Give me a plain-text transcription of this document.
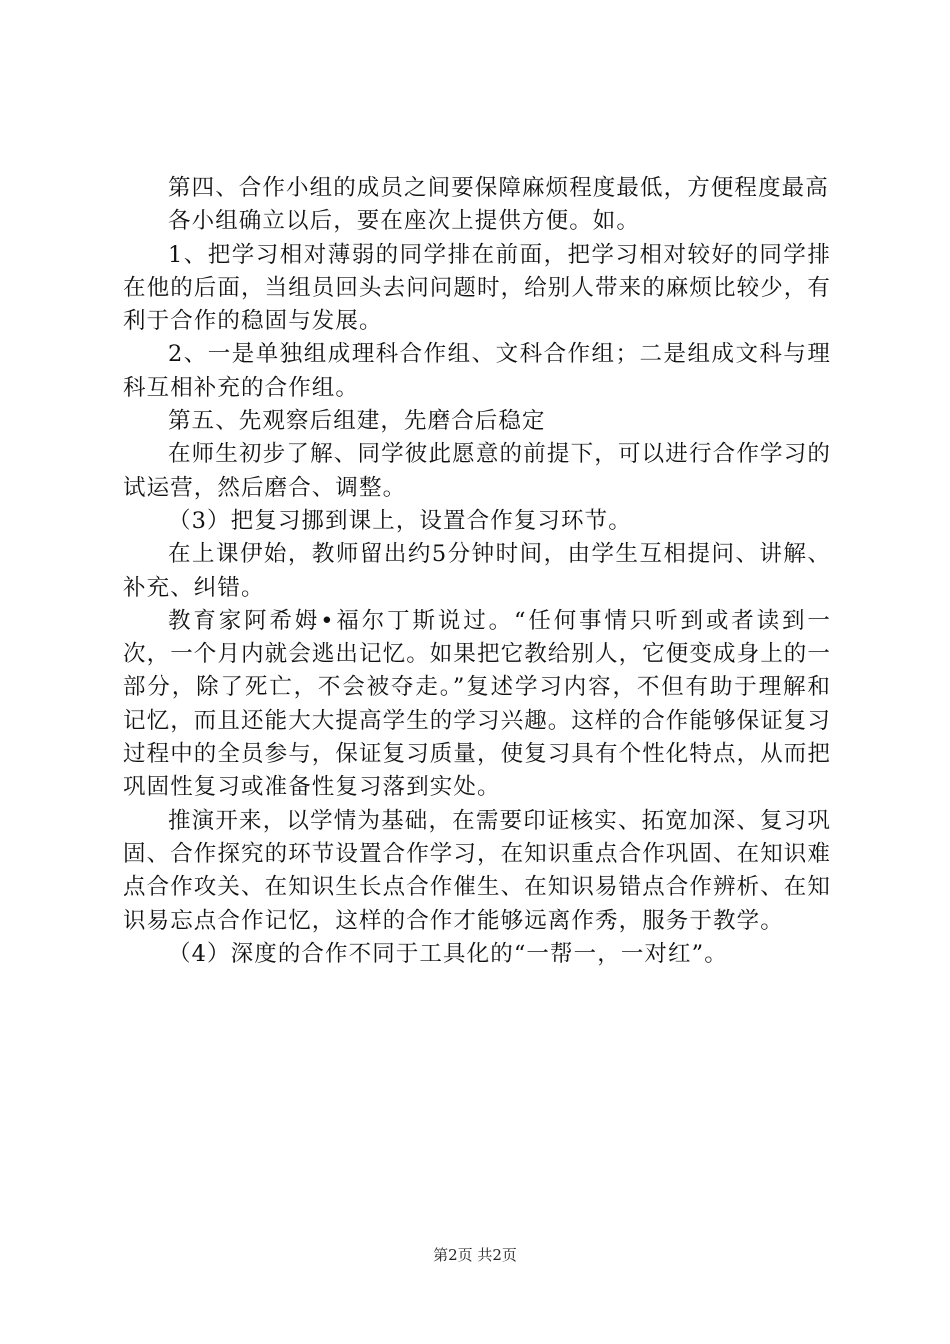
第四、合作小组的成员之间要保障麻烦程度最低，方便程度最高

各小组确立以后，要在座次上提供方便。如。

1、把学习相对薄弱的同学排在前面，把学习相对较好的同学排在他的后面，当组员回头去问问题时，给别人带来的麻烦比较少，有利于合作的稳固与发展。

2、一是单独组成理科合作组、文科合作组；二是组成文科与理科互相补充的合作组。

第五、先观察后组建，先磨合后稳定

在师生初步了解、同学彼此愿意的前提下，可以进行合作学习的试运营，然后磨合、调整。

（3）把复习挪到课上，设置合作复习环节。

在上课伊始，教师留出约5分钟时间，由学生互相提问、讲解、补充、纠错。

教育家阿希姆•福尔丁斯说过。“任何事情只听到或者读到一次，一个月内就会逃出记忆。如果把它教给别人，它便变成身上的一部分，除了死亡，不会被夺走。”复述学习内容，不但有助于理解和记忆，而且还能大大提高学生的学习兴趣。这样的合作能够保证复习过程中的全员参与，保证复习质量，使复习具有个性化特点，从而把巩固性复习或准备性复习落到实处。

推演开来，以学情为基础，在需要印证核实、拓宽加深、复习巩固、合作探究的环节设置合作学习，在知识重点合作巩固、在知识难点合作攻关、在知识生长点合作催生、在知识易错点合作辨析、在知识易忘点合作记忆，这样的合作才能够远离作秀，服务于教学。

（4）深度的合作不同于工具化的“一帮一，一对红”。

第2页 共2页
